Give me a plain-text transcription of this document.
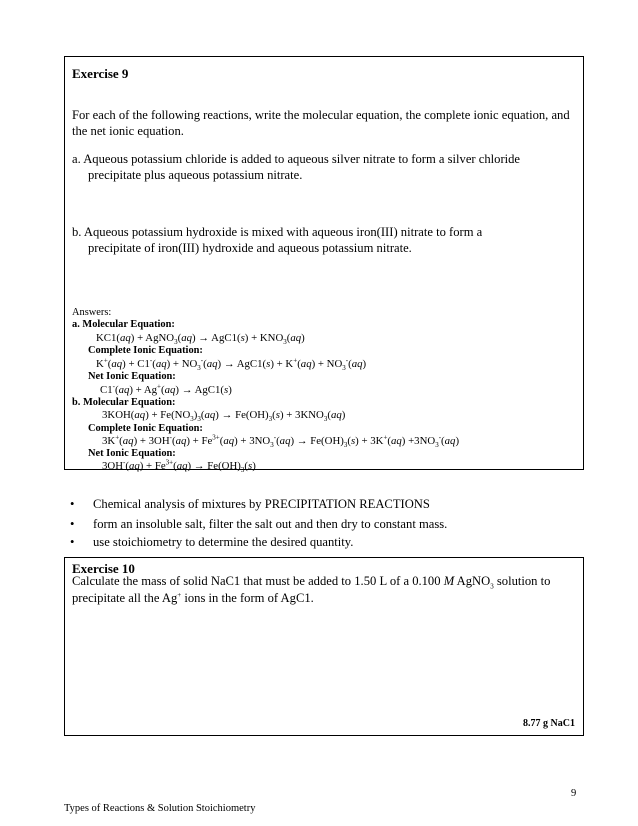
Exercise 9
For each of the following reactions, write the molecular equation, the complete ionic equation, and
the net ionic equation.
a. Aqueous potassium chloride is added to aqueous silver nitrate to form a silver chloride
precipitate plus aqueous potassium nitrate.
b. Aqueous potassium hydroxide is mixed with aqueous iron(III) nitrate to form a
precipitate of iron(III) hydroxide and aqueous potassium nitrate.
Answers:
a. Molecular Equation:
KC1(aq) + AgNO$_3$(aq) → $AgC1(s) + KNO_3(aq)$
Complete Ionic Equation:
$K^+(aq) + C1^-(aq) + NO_3^-(aq) \to AgC1(s) + K^+(aq) + NO_3^-(aq)$
Net Ionic Equation:
C1-(aq) + Ag+(aq) → AgC1(s)
b. Molecular Equation:
$3KOH(aq) + Fe(NO_3)_3(aq) \to Fe(OH)_3(s) + 3KNO_3(aq)$
Complete Ionic Equation:
$3K^+(aq) + 3OH^-(aq) + Fe^{3+}(aq) + 3NO_3^-(aq) \to Fe(OH)_3(s) + 3K^+(aq) +3NO_3^-(aq)$
Net Ionic Equation:
$3OH^-(aq) + Fe^{3+}(aq) \to Fe(OH)_3(s)$
• Chemical analysis of mixtures by PRECIPITATION REACTIONS
• form an insoluble salt, filter the salt out and then dry to constant mass.
• use stoichiometry to determine the desired quantity.
Exercise 10
Calculate the mass of solid NaC1 that must be added to 1.50 L of a 0.100 M AgNO$_3$ solution to
precipitate all the Ag+ ions in the form of AgC1.
8.77 g NaC1
9
Types of Reactions & Solution Stoichiometry
